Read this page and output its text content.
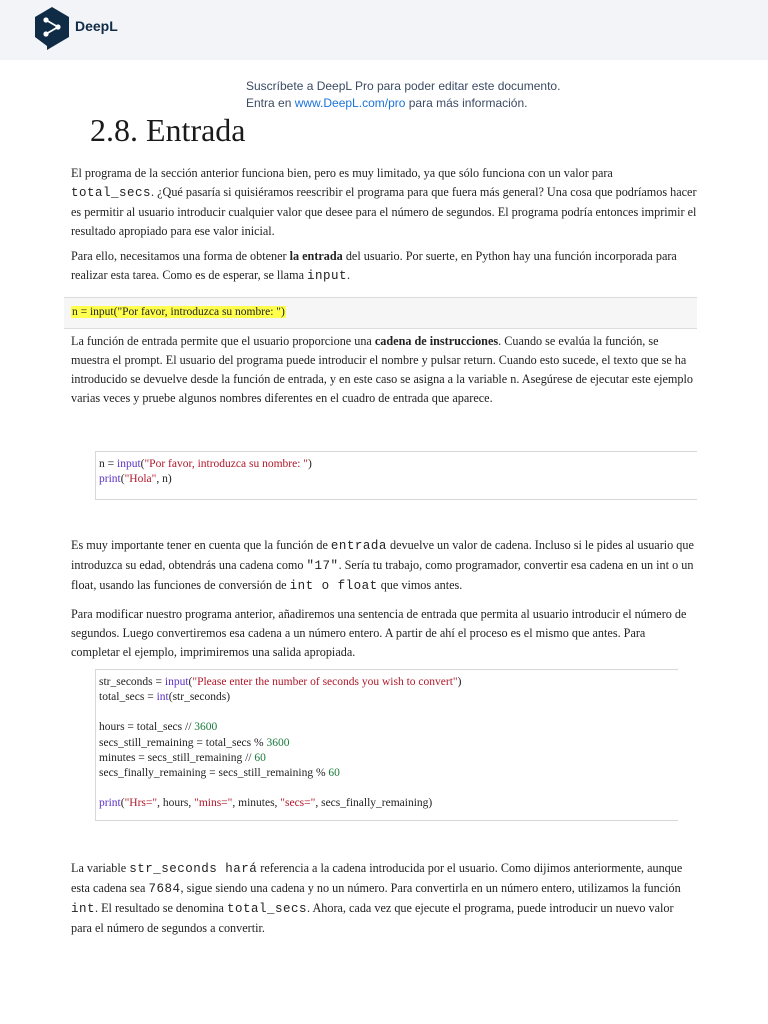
DeepL
Suscríbete a DeepL Pro para poder editar este documento.
Entra en www.DeepL.com/pro para más información.
2.8. Entrada

El programa de la sección anterior funciona bien, pero es muy limitado, ya que sólo funciona con un valor para total_secs. ¿Qué pasaría si quisiéramos reescribir el programa para que fuera más general? Una cosa que podríamos hacer es permitir al usuario introducir cualquier valor que desee para el número de segundos. El programa podría entonces imprimir el resultado apropiado para ese valor inicial.

Para ello, necesitamos una forma de obtener la entrada del usuario. Por suerte, en Python hay una función incorporada para realizar esta tarea. Como es de esperar, se llama input.

n = input("Por favor, introduzca su nombre: ")

La función de entrada permite que el usuario proporcione una cadena de instrucciones. Cuando se evalúa la función, se muestra el prompt. El usuario del programa puede introducir el nombre y pulsar return. Cuando esto sucede, el texto que se ha introducido se devuelve desde la función de entrada, y en este caso se asigna a la variable n. Asegúrese de ejecutar este ejemplo varias veces y pruebe algunos nombres diferentes en el cuadro de entrada que aparece.

n = input("Por favor, introduzca su nombre: ")
print("Hola", n)

Es muy importante tener en cuenta que la función de entrada devuelve un valor de cadena. Incluso si le pides al usuario que introduzca su edad, obtendrás una cadena como "17". Sería tu trabajo, como programador, convertir esa cadena en un int o un float, usando las funciones de conversión de int o float que vimos antes.

Para modificar nuestro programa anterior, añadiremos una sentencia de entrada que permita al usuario introducir el número de segundos. Luego convertiremos esa cadena a un número entero. A partir de ahí el proceso es el mismo que antes. Para completar el ejemplo, imprimiremos una salida apropiada.

str_seconds = input("Please enter the number of seconds you wish to convert")
total_secs = int(str_seconds)
hours = total_secs // 3600
secs_still_remaining = total_secs % 3600
minutes = secs_still_remaining // 60
secs_finally_remaining = secs_still_remaining % 60
print("Hrs=", hours, "mins=", minutes, "secs=", secs_finally_remaining)

La variable str_seconds hará referencia a la cadena introducida por el usuario. Como dijimos anteriormente, aunque esta cadena sea 7684, sigue siendo una cadena y no un número. Para convertirla en un número entero, utilizamos la función int. El resultado se denomina total_secs. Ahora, cada vez que ejecute el programa, puede introducir un nuevo valor para el número de segundos a convertir.
